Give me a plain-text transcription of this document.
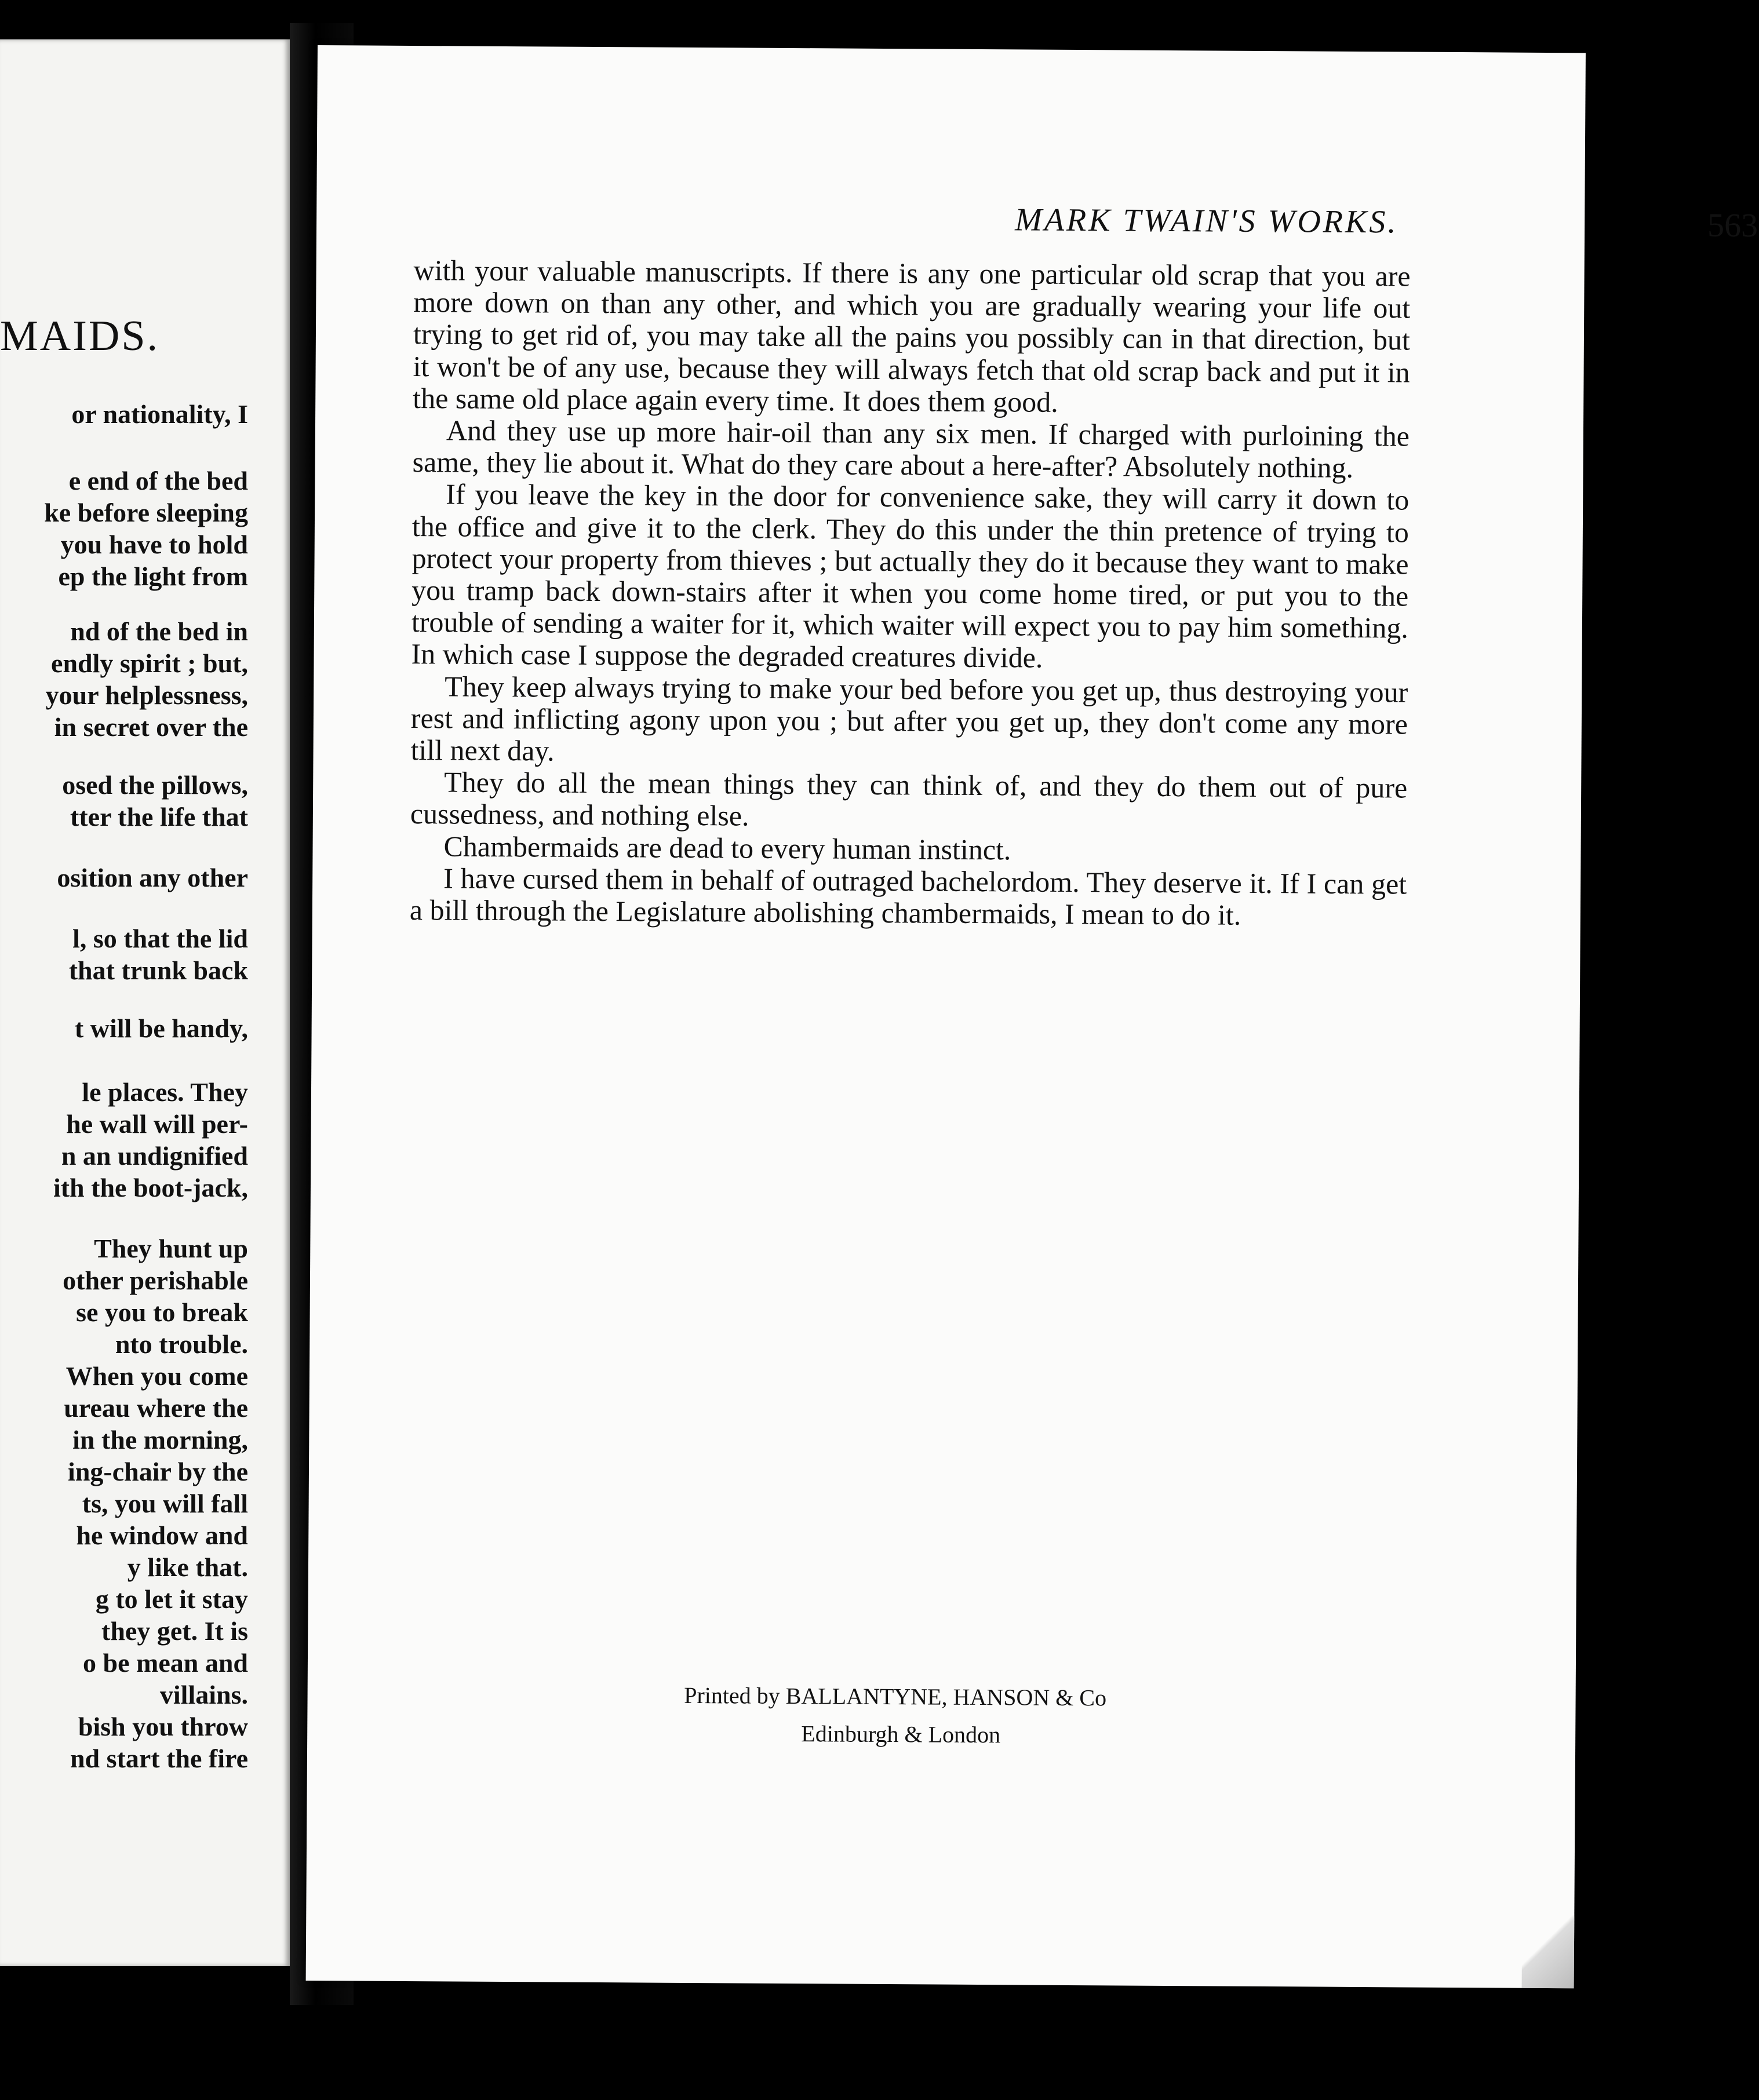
MAIDS.
or nationality, I
e end of the bed
ke before sleeping
you have to hold
ep the light from
nd of the bed in
endly spirit ; but,
your helplessness,
in secret over the
osed the pillows,
tter the life that
osition any other
l, so that the lid
that trunk back
t will be handy,
le places. They
he wall will per-
n an undignified
ith the boot-jack,
They hunt up
other perishable
se you to break
nto trouble.
When you come
ureau where the
in the morning,
ing-chair by the
ts, you will fall
he window and
y like that.
g to let it stay
they get. It is
o be mean and
villains.
bish you throw
nd start the fire
MARK TWAIN'S WORKS.	563

with your valuable manuscripts. If there is any one particular old scrap that you are more down on than any other, and which you are gradually wearing your life out trying to get rid of, you may take all the pains you possibly can in that direction, but it won't be of any use, because they will always fetch that old scrap back and put it in the same old place again every time. It does them good.

And they use up more hair-oil than any six men. If charged with purloining the same, they lie about it. What do they care about a here-after? Absolutely nothing.

If you leave the key in the door for convenience sake, they will carry it down to the office and give it to the clerk. They do this under the thin pretence of trying to protect your property from thieves ; but actually they do it because they want to make you tramp back down-stairs after it when you come home tired, or put you to the trouble of sending a waiter for it, which waiter will expect you to pay him something. In which case I suppose the degraded creatures divide.

They keep always trying to make your bed before you get up, thus destroying your rest and inflicting agony upon you ; but after you get up, they don't come any more till next day.

They do all the mean things they can think of, and they do them out of pure cussedness, and nothing else.

Chambermaids are dead to every human instinct.

I have cursed them in behalf of outraged bachelordom. They deserve it. If I can get a bill through the Legislature abolishing chambermaids, I mean to do it.

Printed by BALLANTYNE, HANSON & Co
Edinburgh & London
